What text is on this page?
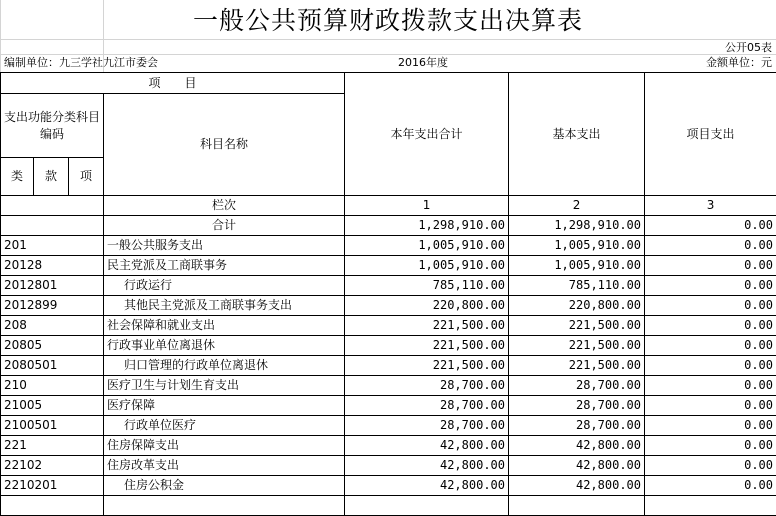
一般公共预算财政拨款支出决算表
公开05表
编制单位：九三学社九江市委会	2016年度	金额单位：元
项　　目				本年支出合计	基本支出	项目支出
支出功能分类科目编码			科目名称			
类	款	项				
			栏次	1	2	3
			合计	1,298,910.00	1,298,910.00	0.00
201			一般公共服务支出	1,005,910.00	1,005,910.00	0.00
20128			民主党派及工商联事务	1,005,910.00	1,005,910.00	0.00
2012801			行政运行	785,110.00	785,110.00	0.00
2012899			其他民主党派及工商联事务支出	220,800.00	220,800.00	0.00
208			社会保障和就业支出	221,500.00	221,500.00	0.00
20805			行政事业单位离退休	221,500.00	221,500.00	0.00
2080501			归口管理的行政单位离退休	221,500.00	221,500.00	0.00
210			医疗卫生与计划生育支出	28,700.00	28,700.00	0.00
21005			医疗保障	28,700.00	28,700.00	0.00
2100501			行政单位医疗	28,700.00	28,700.00	0.00
221			住房保障支出	42,800.00	42,800.00	0.00
22102			住房改革支出	42,800.00	42,800.00	0.00
2210201			住房公积金	42,800.00	42,800.00	0.00
